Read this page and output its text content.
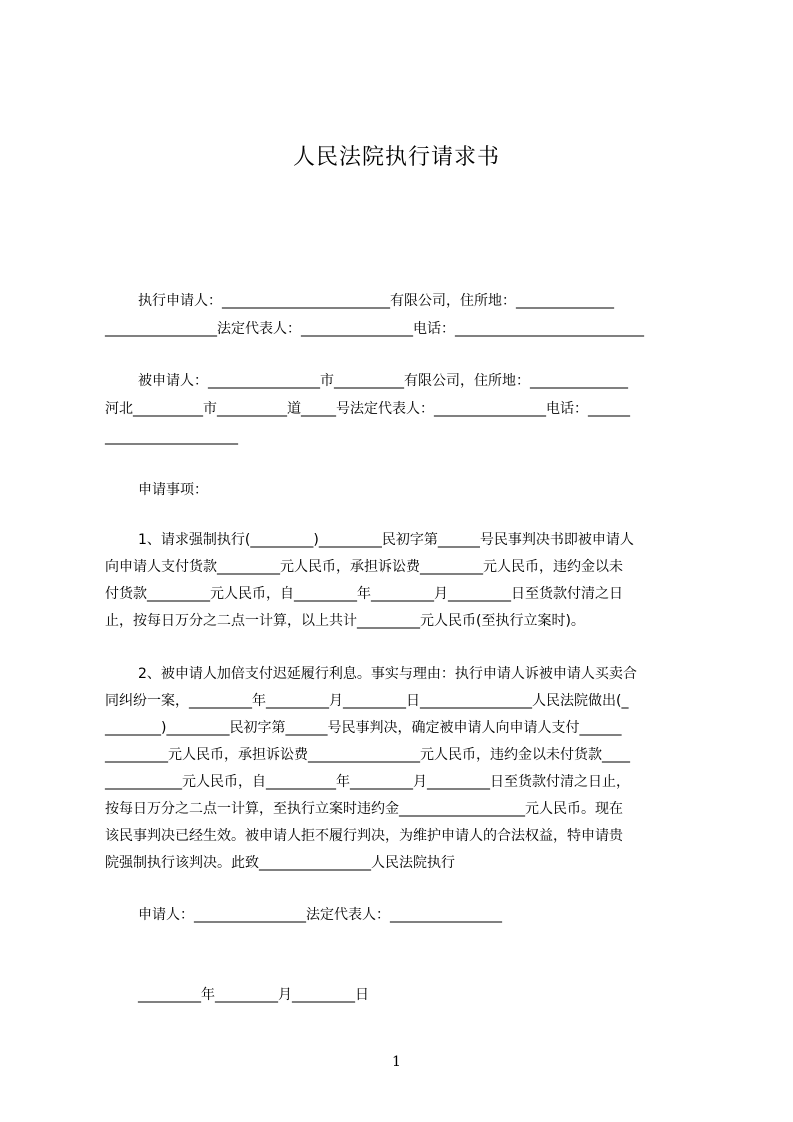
人民法院执行请求书

执行申请人：________________________有限公司，住所地：______________

________________法定代表人：________________电话：___________________________

被申请人：________________市__________有限公司，住所地：______________

河北__________市__________道_____号法定代表人：________________电话：______

___________________

申请事项：

1、请求强制执行(_________)_________民初字第______号民事判决书即被申请人

向申请人支付货款_________元人民币，承担诉讼费_________元人民币，违约金以未

付货款_________元人民币，自_________年_________月_________日至货款付清之日

止，按每日万分之二点一计算，以上共计_________元人民币(至执行立案时)。

2、被申请人加倍支付迟延履行利息。事实与理由：执行申请人诉被申请人买卖合

同纠纷一案，_________年_________月_________日________________人民法院做出(_

________)_________民初字第______号民事判决，确定被申请人向申请人支付______

_________元人民币，承担诉讼费________________元人民币，违约金以未付货款____

___________元人民币，自__________年_________月_________日至货款付清之日止，

按每日万分之二点一计算，至执行立案时违约金__________________元人民币。现在

该民事判决已经生效。被申请人拒不履行判决，为维护申请人的合法权益，特申请贵

院强制执行该判决。此致________________人民法院执行

申请人：________________法定代表人：________________

_________年_________月_________日

1
